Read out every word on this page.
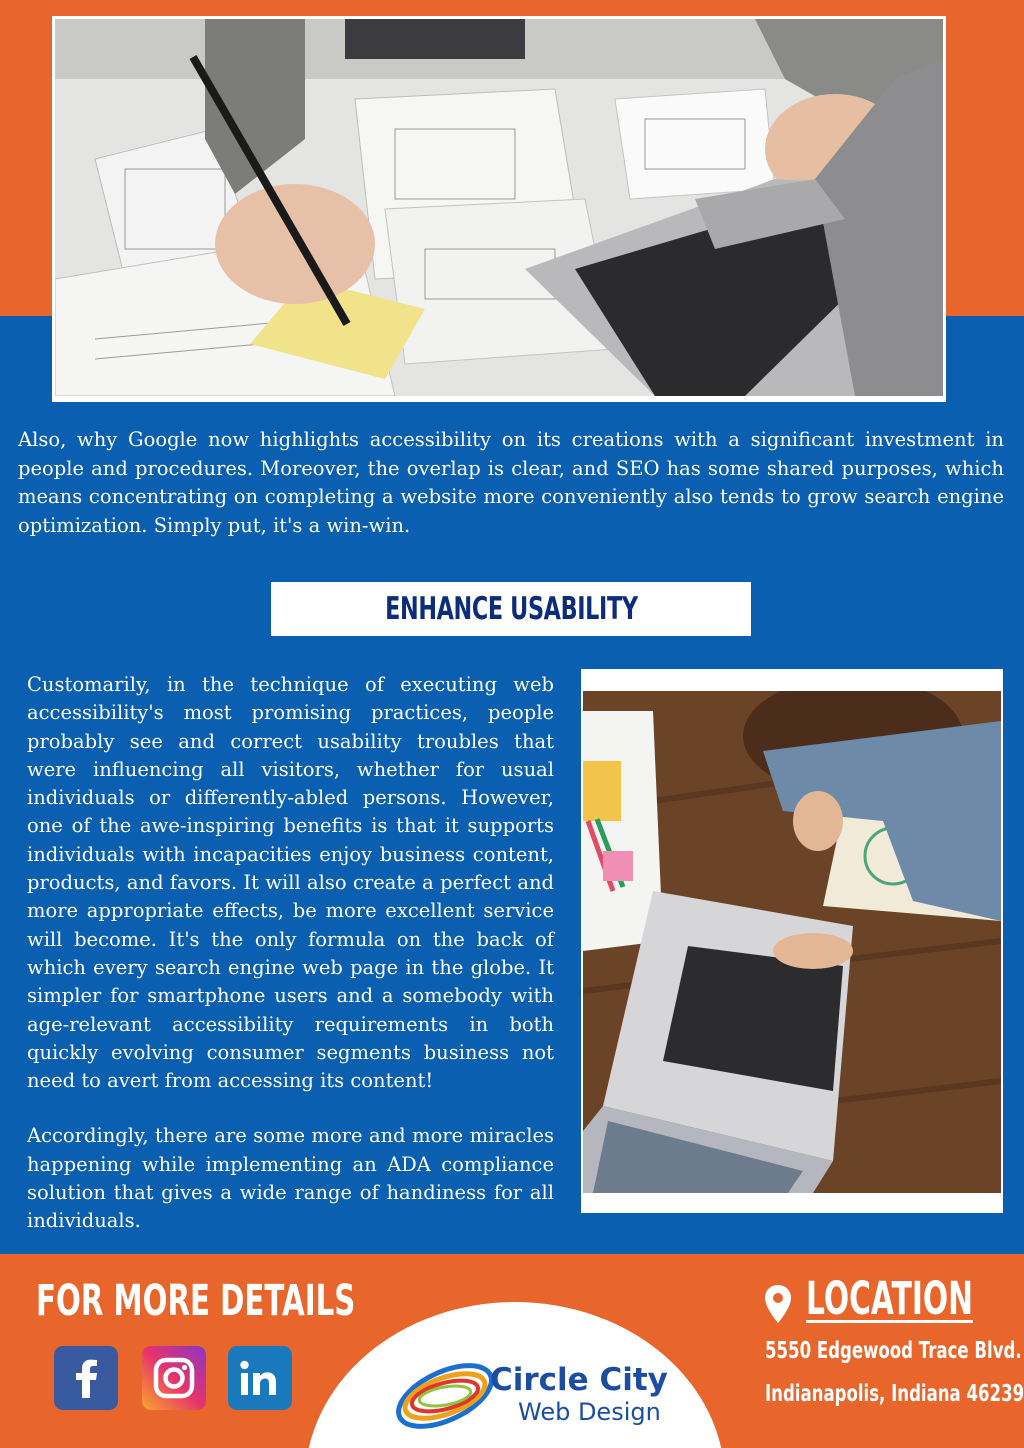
Also, why Google now highlights accessibility on its creations with a significant investment in people and procedures. Moreover, the overlap is clear, and SEO has some shared purposes, which means concentrating on completing a website more conveniently also tends to grow search engine optimization. Simply put, it's a win-win.
ENHANCE USABILITY

Customarily, in the technique of executing web accessibility's most promising practices, people probably see and correct usability troubles that were influencing all visitors, whether for usual individuals or differently-abled persons. However, one of the awe-inspiring benefits is that it supports individuals with incapacities enjoy business content, products, and favors. It will also create a perfect and more appropriate effects, be more excellent service will become. It's the only formula on the back of which every search engine web page in the globe. It simpler for smartphone users and a somebody with age-relevant accessibility requirements in both quickly evolving consumer segments business not need to avert from accessing its content!

Accordingly, there are some more and more miracles happening while implementing an ADA compliance solution that gives a wide range of handiness for all individuals.

FOR MORE DETAILS	LOCATION
5550 Edgewood Trace Blvd.
Indianapolis, Indiana 46239
Circle City
Web Design
